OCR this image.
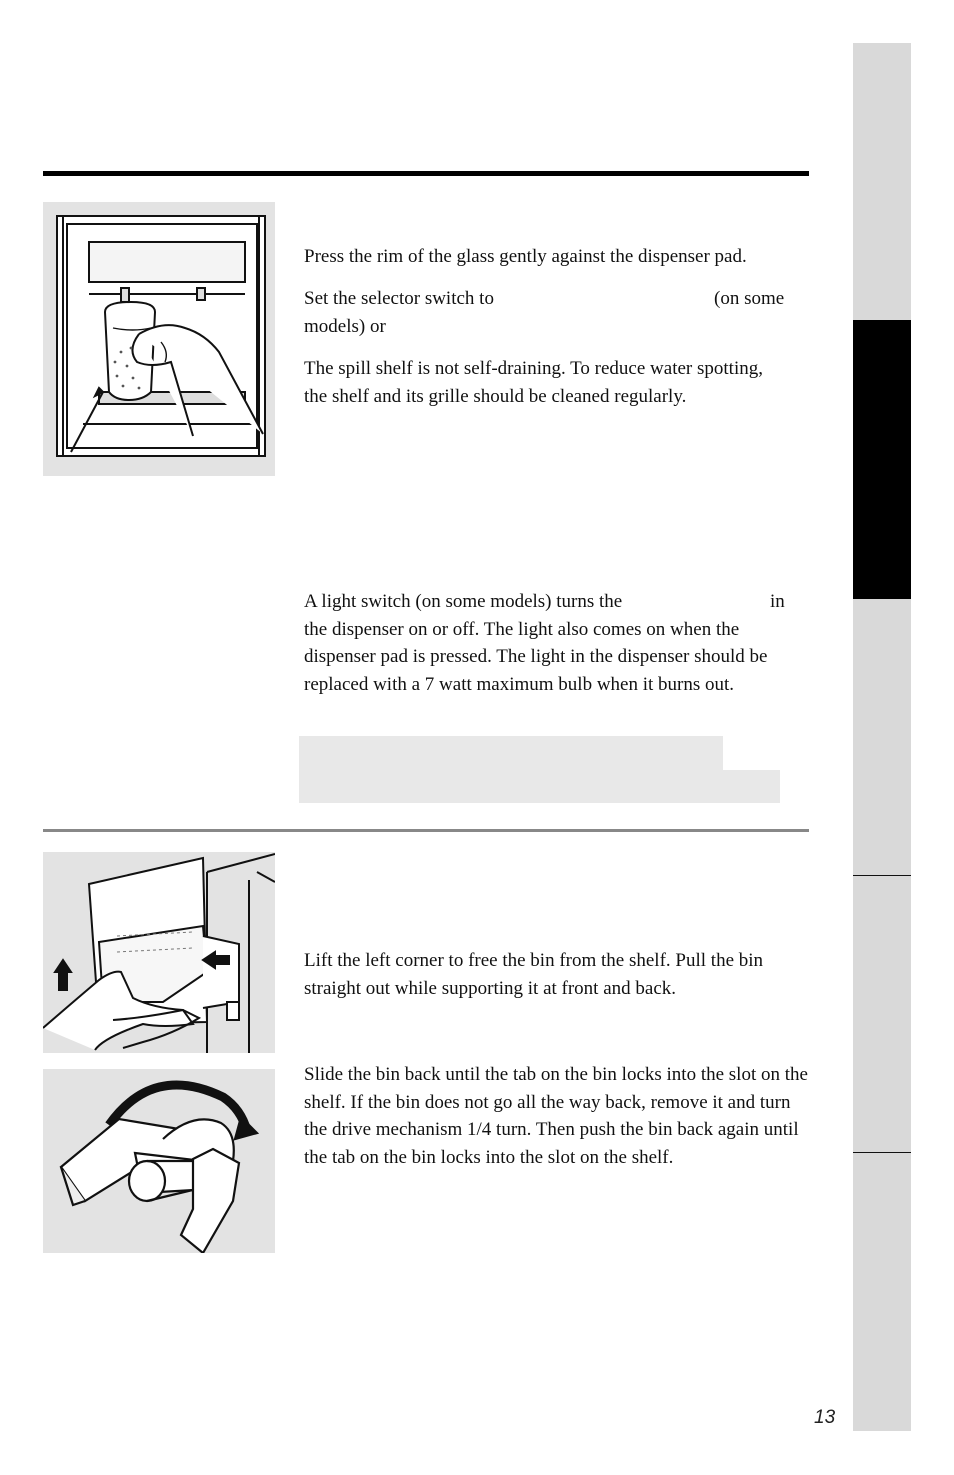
Press the rim of the glass gently against the dispenser pad.

Set the selector switch to	(on some
models) or

The spill shelf is not self-draining. To reduce water spotting, the shelf and its grille should be cleaned regularly.

A light switch (on some models) turns the	in
the dispenser on or off. The light also comes on when the dispenser pad is pressed. The light in the dispenser should be replaced with a 7 watt maximum bulb when it burns out.

Lift the left corner to free the bin from the shelf. Pull the bin straight out while supporting it at front and back.

Slide the bin back until the tab on the bin locks into the slot on the shelf. If the bin does not go all the way back, remove it and turn the drive mechanism 1/4 turn. Then push the bin back again until the tab on the bin locks into the slot on the shelf.

13
